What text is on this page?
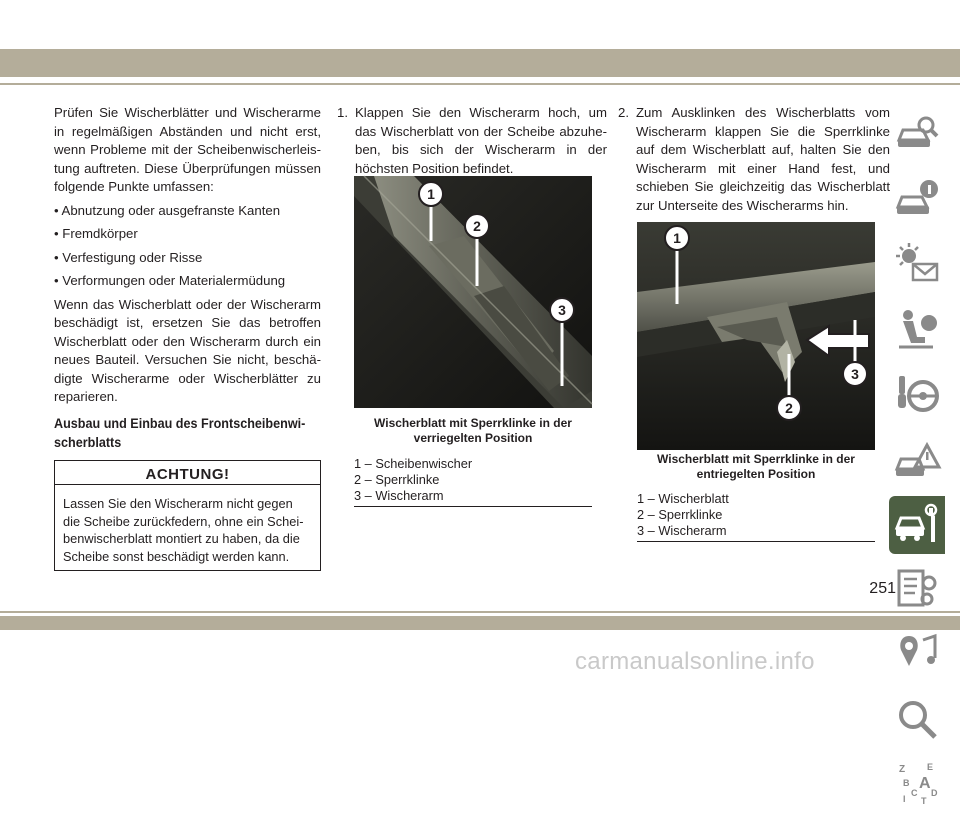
Prüfen Sie Wischerblätter und Wischerarme in regelmäßigen Abständen und nicht erst, wenn Probleme mit der Scheibenwischerleistung auftreten. Diese Überprüfungen müssen folgende Punkte umfassen:

• Abnutzung oder ausgefranste Kanten

• Fremdkörper

• Verfestigung oder Risse

• Verformungen oder Materialermüdung

Wenn das Wischerblatt oder der Wischerarm beschädigt ist, ersetzen Sie das betroffen Wischerblatt oder den Wischerarm durch ein neues Bauteil. Versuchen Sie nicht, beschädigte Wischerarme oder Wischerblätter zu reparieren.

Ausbau und Einbau des Frontscheibenwischerblatts
ACHTUNG!
Lassen Sie den Wischerarm nicht gegen die Scheibe zurückfedern, ohne ein Scheibenwischerblatt montiert zu haben, da die Scheibe sonst beschädigt werden kann.
1. Klappen Sie den Wischerarm hoch, um das Wischerblatt von der Scheibe abzuheben, bis sich der Wischerarm in der höchsten Position befindet.
1
2
3
Wischerblatt mit Sperrklinke in der verriegelten Position
1 – Scheibenwischer
2 – Sperrklinke
3 – Wischerarm
2. Zum Ausklinken des Wischerblatts vom Wischerarm klappen Sie die Sperrklinke auf dem Wischerblatt auf, halten Sie den Wischerarm mit einer Hand fest, und schieben Sie gleichzeitig das Wischerblatt zur Unterseite des Wischerarms hin.
1
2
3
Wischerblatt mit Sperrklinke in der entriegelten Position
1 – Wischerblatt
2 – Sperrklinke
3 – Wischerarm
Z E
B A
C D
I T
251
carmanualsonline.info
